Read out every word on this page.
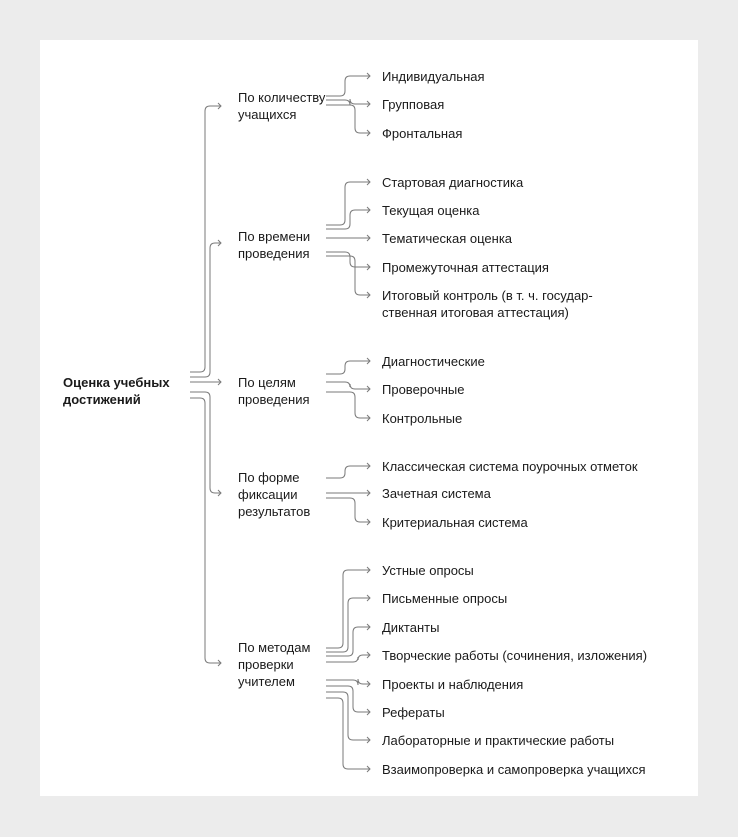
Оценка учебных
достижений
По количеству
учащихся
По времени
проведения
По целям
проведения
По форме
фиксации
результатов
По методам
проверки
учителем
Индивидуальная
Групповая
Фронтальная
Стартовая диагностика
Текущая оценка
Тематическая оценка
Промежуточная аттестация
Итоговый контроль (в т. ч. государ-
ственная итоговая аттестация)
Диагностические
Проверочные
Контрольные
Классическая система поурочных отметок
Зачетная система
Критериальная система
Устные опросы
Письменные опросы
Диктанты
Творческие работы (сочинения, изложения)
Проекты и наблюдения
Рефераты
Лабораторные и практические работы
Взаимопроверка и самопроверка учащихся
